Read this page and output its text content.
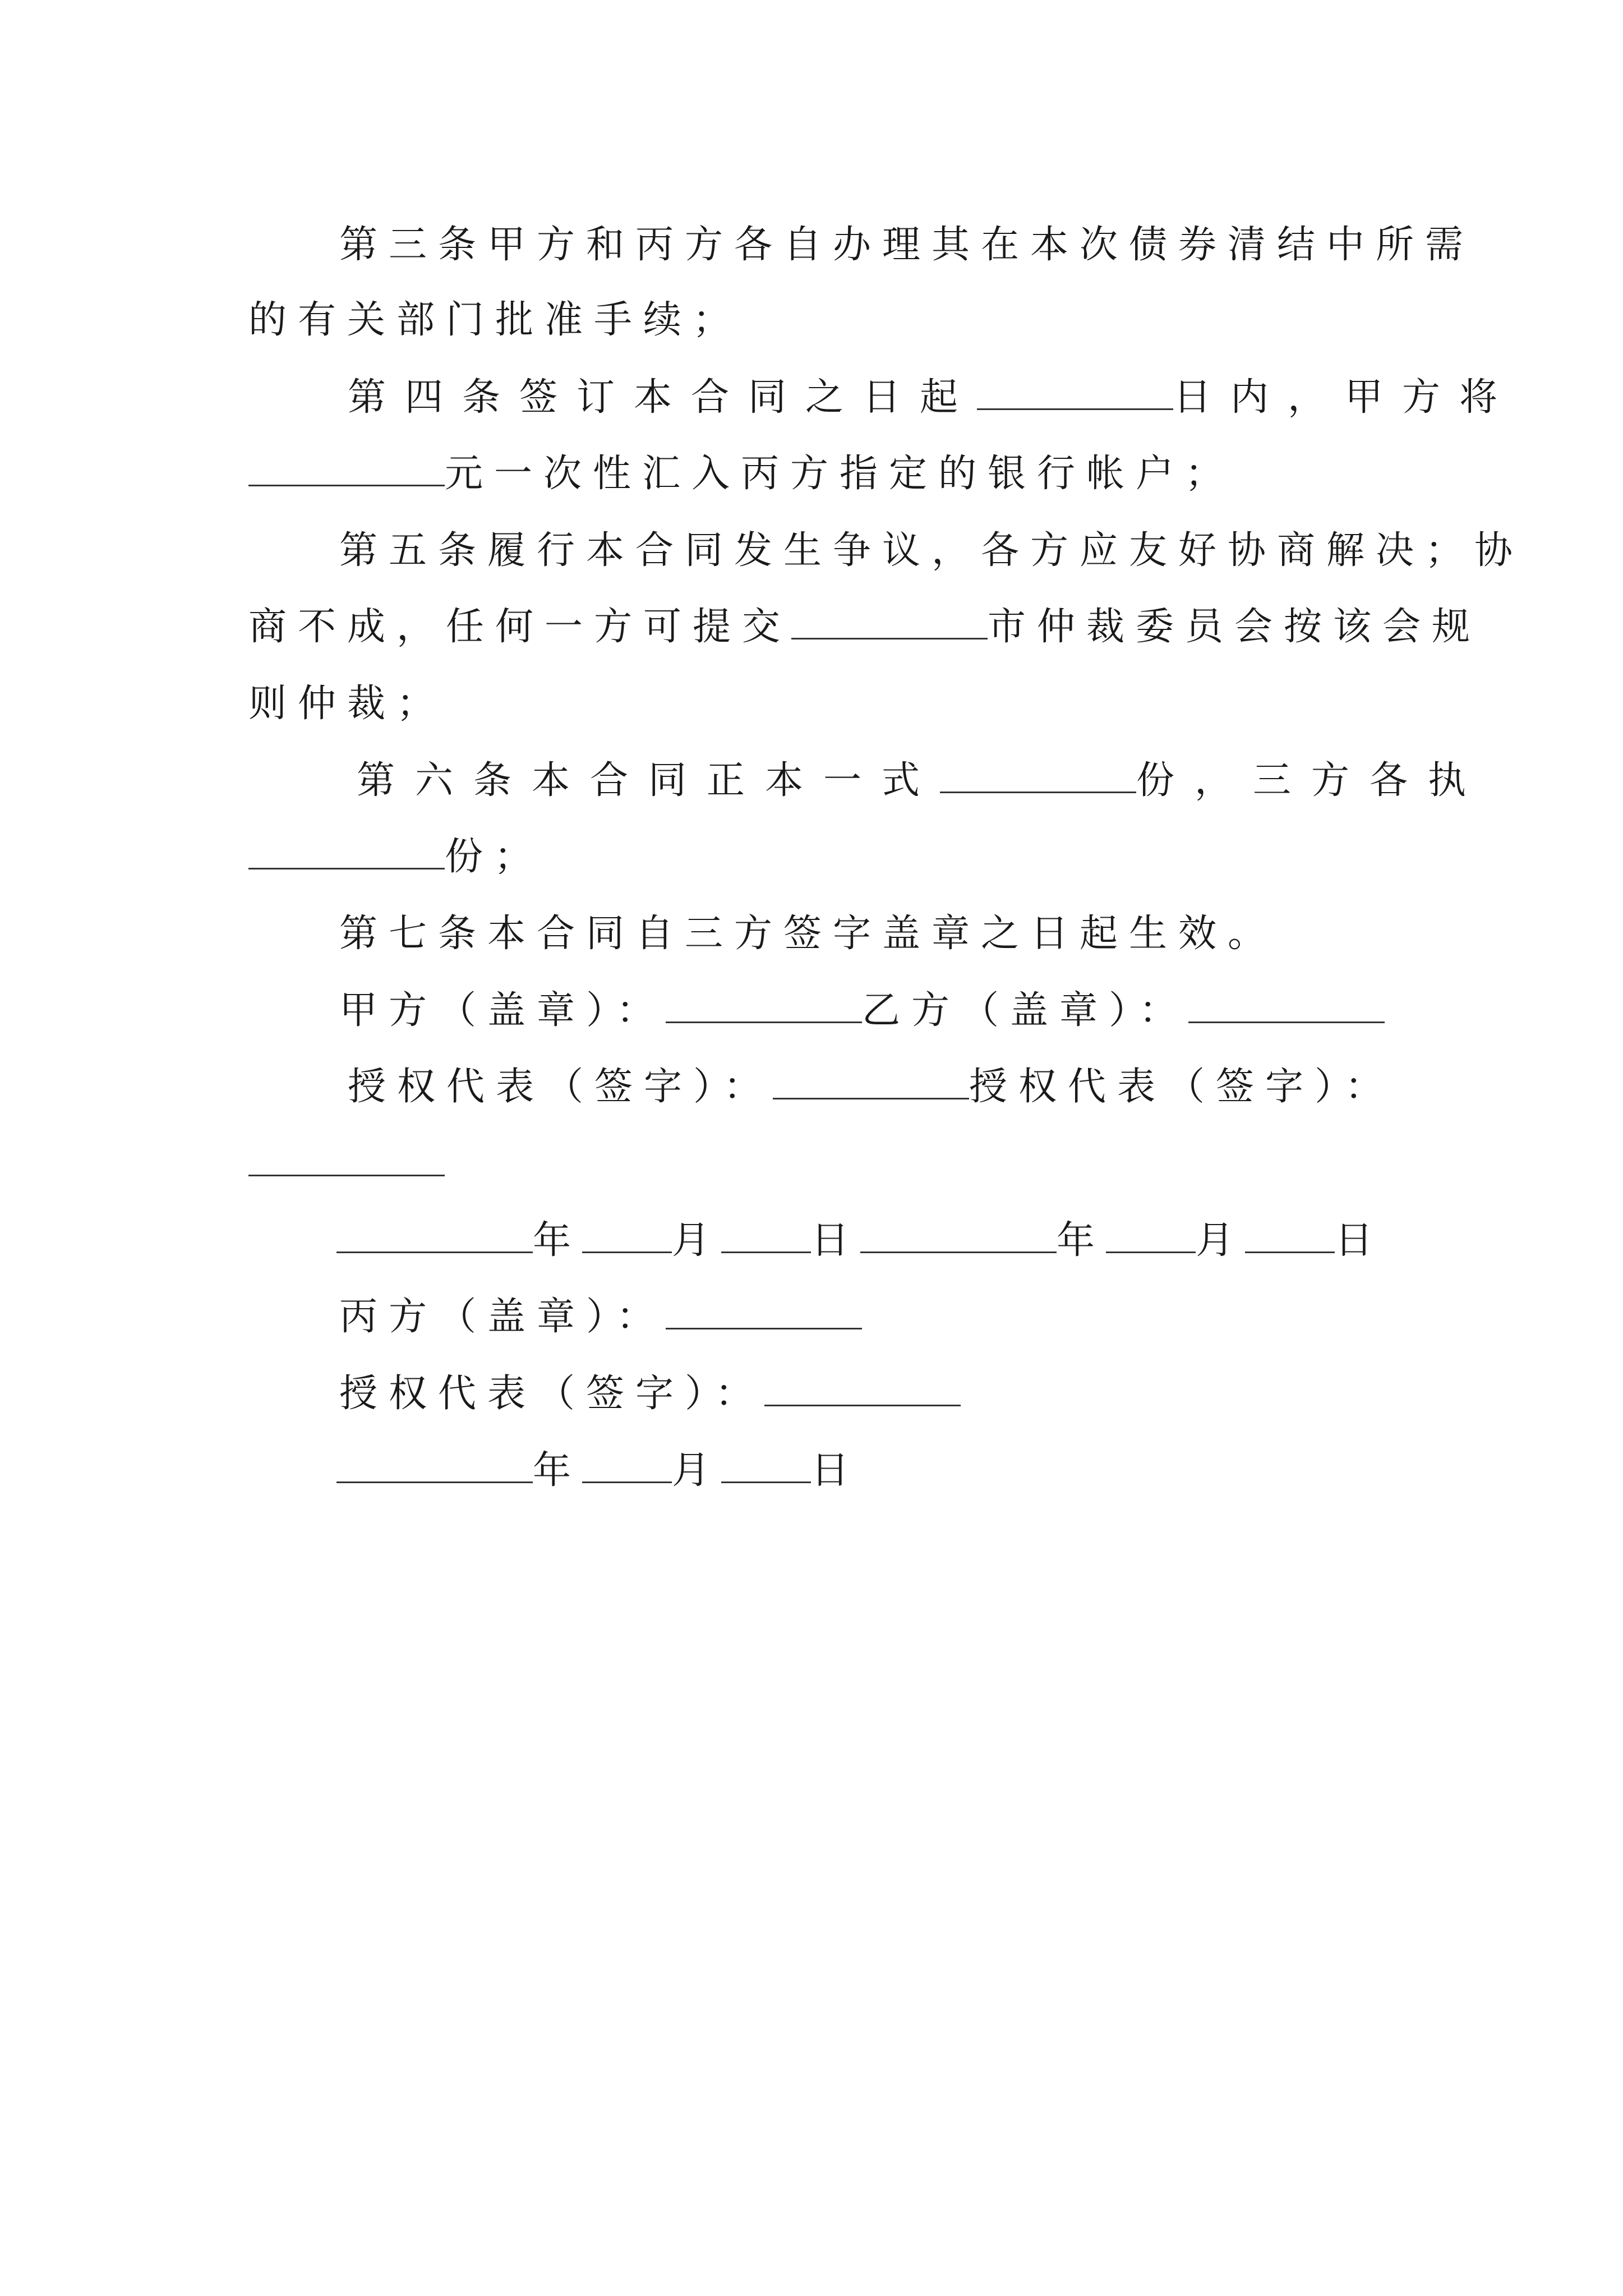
第三条甲方和丙方各自办理其在本次债券清结中所需
的有关部门批准手续；
第四条签订本合同之日起	日内，甲方将
元一次性汇入丙方指定的银行帐户；
第五条履行本合同发生争议，各方应友好协商解决；协
商不成，任何一方可提交	市仲裁委员会按该会规
则仲裁；
第六条本合同正本一式	份，三方各执
份；
第七条本合同自三方签字盖章之日起生效。
甲方（盖章）：	乙方（盖章）：
授权代表（签字）：	授权代表（签字）：
年 月 日	年 月 日
丙方（盖章）：
授权代表（签字）：
年 月 日
